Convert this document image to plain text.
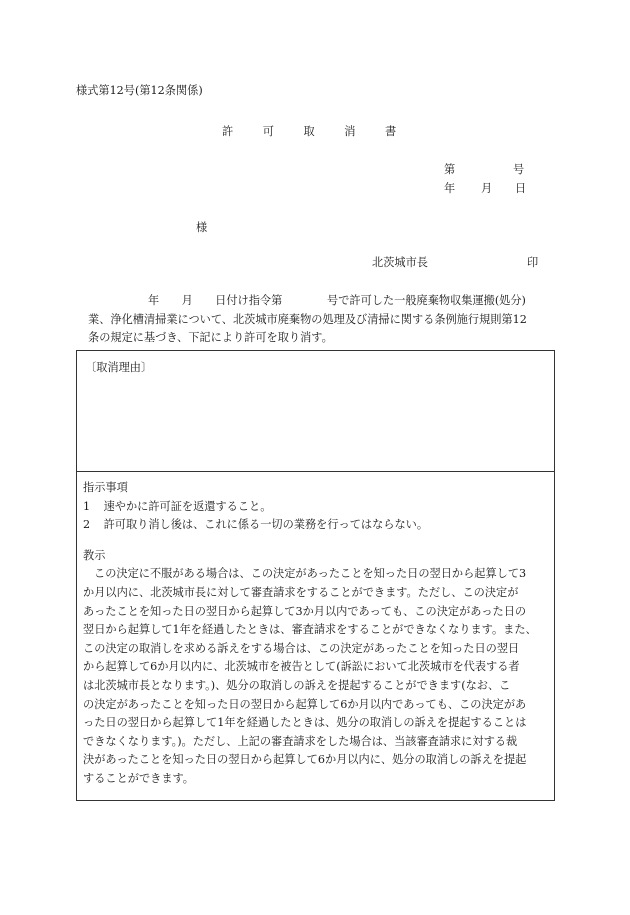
様式第12号(第12条関係)
許 可 取 消 書
第	号
年 月 日
様
北茨城市長	印
年　　月　　日付け指令第　　　　号で許可した一般廃棄物収集運搬(処分)
業、浄化槽清掃業について、北茨城市廃棄物の処理及び清掃に関する条例施行規則第12
条の規定に基づき、下記により許可を取り消す。
〔取消理由〕
指示事項
1 速やかに許可証を返還すること。
2 許可取り消し後は、これに係る一切の業務を行ってはならない。
教示
この決定に不服がある場合は、この決定があったことを知った日の翌日から起算して3
か月以内に、北茨城市長に対して審査請求をすることができます。ただし、この決定が
あったことを知った日の翌日から起算して3か月以内であっても、この決定があった日の
翌日から起算して1年を経過したときは、審査請求をすることができなくなります。また、
この決定の取消しを求める訴えをする場合は、この決定があったことを知った日の翌日
から起算して6か月以内に、北茨城市を被告として(訴訟において北茨城市を代表する者
は北茨城市長となります。)、処分の取消しの訴えを提起することができます(なお、こ
の決定があったことを知った日の翌日から起算して6か月以内であっても、この決定があ
った日の翌日から起算して1年を経過したときは、処分の取消しの訴えを提起することは
できなくなります。)。ただし、上記の審査請求をした場合は、当該審査請求に対する裁
決があったことを知った日の翌日から起算して6か月以内に、処分の取消しの訴えを提起
することができます。
